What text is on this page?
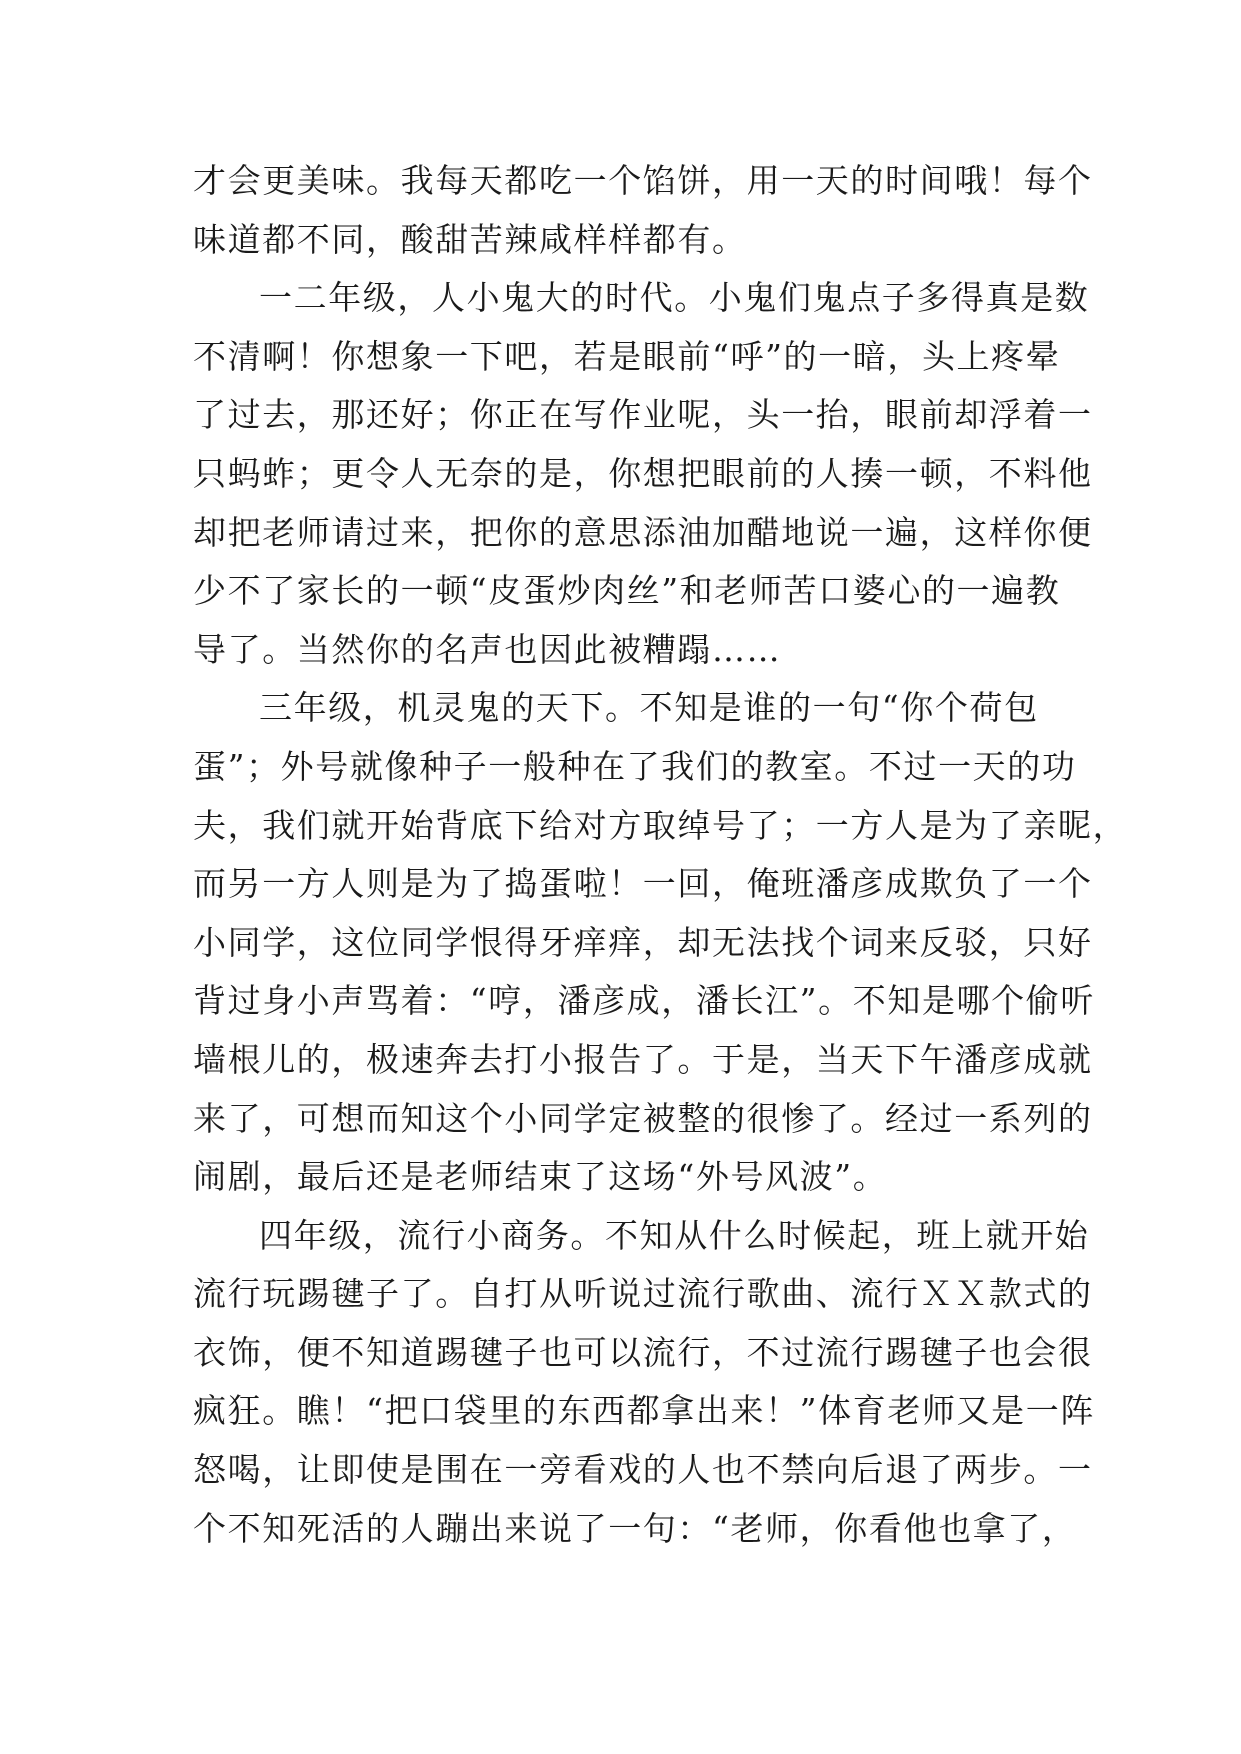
才会更美味。我每天都吃一个馅饼，用一天的时间哦！每个
味道都不同，酸甜苦辣咸样样都有。
一二年级，人小鬼大的时代。小鬼们鬼点子多得真是数
不清啊！你想象一下吧，若是眼前“呼”的一暗，头上疼晕
了过去，那还好；你正在写作业呢，头一抬，眼前却浮着一
只蚂蚱；更令人无奈的是，你想把眼前的人揍一顿，不料他
却把老师请过来，把你的意思添油加醋地说一遍，这样你便
少不了家长的一顿“皮蛋炒肉丝”和老师苦口婆心的一遍教
导了。当然你的名声也因此被糟蹋……
三年级，机灵鬼的天下。不知是谁的一句“你个荷包
蛋”；外号就像种子一般种在了我们的教室。不过一天的功
夫，我们就开始背底下给对方取绰号了；一方人是为了亲昵，
而另一方人则是为了捣蛋啦！一回，俺班潘彦成欺负了一个
小同学，这位同学恨得牙痒痒，却无法找个词来反驳，只好
背过身小声骂着：“哼，潘彦成，潘长江”。不知是哪个偷听
墙根儿的，极速奔去打小报告了。于是，当天下午潘彦成就
来了，可想而知这个小同学定被整的很惨了。经过一系列的
闹剧，最后还是老师结束了这场“外号风波”。
四年级，流行小商务。不知从什么时候起，班上就开始
流行玩踢毽子了。自打从听说过流行歌曲、流行ＸＸ款式的
衣饰，便不知道踢毽子也可以流行，不过流行踢毽子也会很
疯狂。瞧！“把口袋里的东西都拿出来！”体育老师又是一阵
怒喝，让即使是围在一旁看戏的人也不禁向后退了两步。一
个不知死活的人蹦出来说了一句：“老师，你看他也拿了，
